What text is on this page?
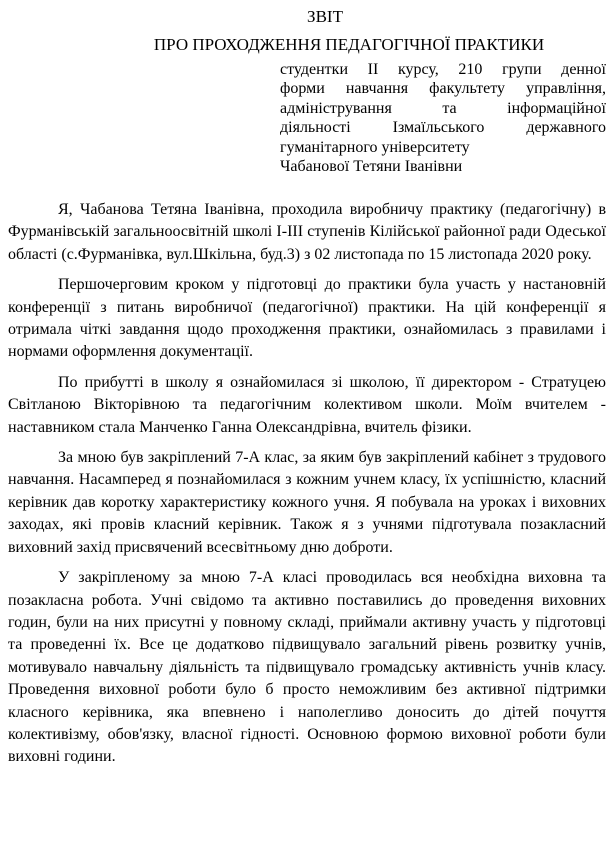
ЗВІТ
ПРО ПРОХОДЖЕННЯ ПЕДАГОГІЧНОЇ ПРАКТИКИ
студентки ІІ курсу, 210 групи денної
форми навчання факультету управління,
адміністрування та інформаційної
діяльності Ізмаїльського державного
гуманітарного університету
Чабанової Тетяни Іванівни

Я, Чабанова Тетяна Іванівна, проходила виробничу практику (педагогічну) в Фурманівській загальноосвітній школі І-ІІІ ступенів Кілійської районної ради Одеської області (с.Фурманівка, вул.Шкільна, буд.3) з 02 листопада по 15 листопада 2020 року.

Першочерговим кроком у підготовці до практики була участь у настановній конференції з питань виробничої (педагогічної) практики. На цій конференції я отримала чіткі завдання щодо проходження практики, ознайомилась з правилами і нормами оформлення документації.

По прибутті в школу я ознайомилася зі школою, її директором - Стратуцею Світланою Вікторівною та педагогічним колективом школи. Моїм вчителем - наставником стала Манченко Ганна Олександрівна, вчитель фізики.

За мною був закріплений 7-А клас, за яким був закріплений кабінет з трудового навчання. Насамперед я познайомилася з кожним учнем класу, їх успішністю, класний керівник дав коротку характеристику кожного учня. Я побувала на уроках і виховних заходах, які провів класний керівник. Також я з учнями підготувала позакласний виховний захід присвячений всесвітньому дню доброти.

У закріпленому за мною 7-А класі проводилась вся необхідна виховна та позакласна робота. Учні свідомо та активно поставились до проведення виховних годин, були на них присутні у повному складі, приймали активну участь у підготовці та проведенні їх. Все це додатково підвищувало загальний рівень розвитку учнів, мотивувало навчальну діяльність та підвищувало громадську активність учнів класу. Проведення виховної роботи було б просто неможливим без активної підтримки класного керівника, яка впевнено і наполегливо доносить до дітей почуття колективізму, обов'язку, власної гідності. Основною формою виховної роботи були виховні години.
